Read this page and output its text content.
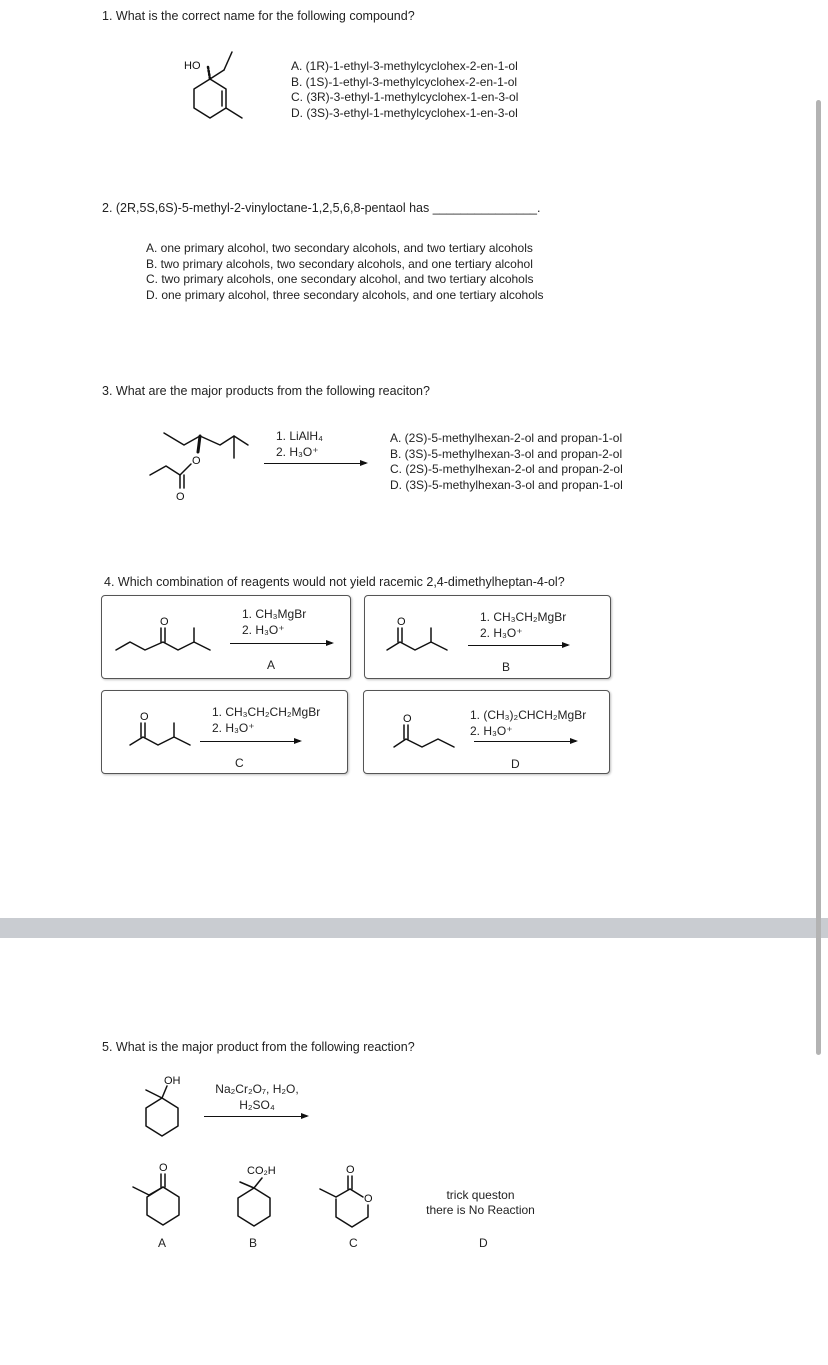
1. What is the correct name for the following compound?
HO	A. (1R)-1-ethyl-3-methylcyclohex-2-en-1-ol
B. (1S)-1-ethyl-3-methylcyclohex-2-en-1-ol
C. (3R)-3-ethyl-1-methylcyclohex-1-en-3-ol
D. (3S)-3-ethyl-1-methylcyclohex-1-en-3-ol
2. (2R,5S,6S)-5-methyl-2-vinyloctane-1,2,5,6,8-pentaol has _______________.
A. one primary alcohol, two secondary alcohols, and two tertiary alcohols
B. two primary alcohols, two secondary alcohols, and one tertiary alcohol
C. two primary alcohols, one secondary alcohol, and two tertiary alcohols
D. one primary alcohol, three secondary alcohols, and one tertiary alcohols
3. What are the major products from the following reaciton?
O
O
1. LiAlH₄
2. H₃O⁺
A. (2S)-5-methylhexan-2-ol and propan-1-ol
B. (3S)-5-methylhexan-3-ol and propan-2-ol
C. (2S)-5-methylhexan-2-ol and propan-2-ol
D. (3S)-5-methylhexan-3-ol and propan-1-ol
4. Which combination of reagents would not yield racemic 2,4-dimethylheptan-4-ol?
O
1. CH₃MgBr
2. H₃O⁺
A
O	1. CH₃CH₂MgBr
2. H₃O⁺
B
O	1. CH₃CH₂CH₂MgBr
2. H₃O⁺
C
O	1. (CH₃)₂CHCH₂MgBr
2. H₃O⁺
D
5. What is the major product from the following reaction?
OH
Na₂Cr₂O₇, H₂O,
H₂SO₄
O
A
CO₂H
B
O
O
C
trick queston
there is No Reaction
D
